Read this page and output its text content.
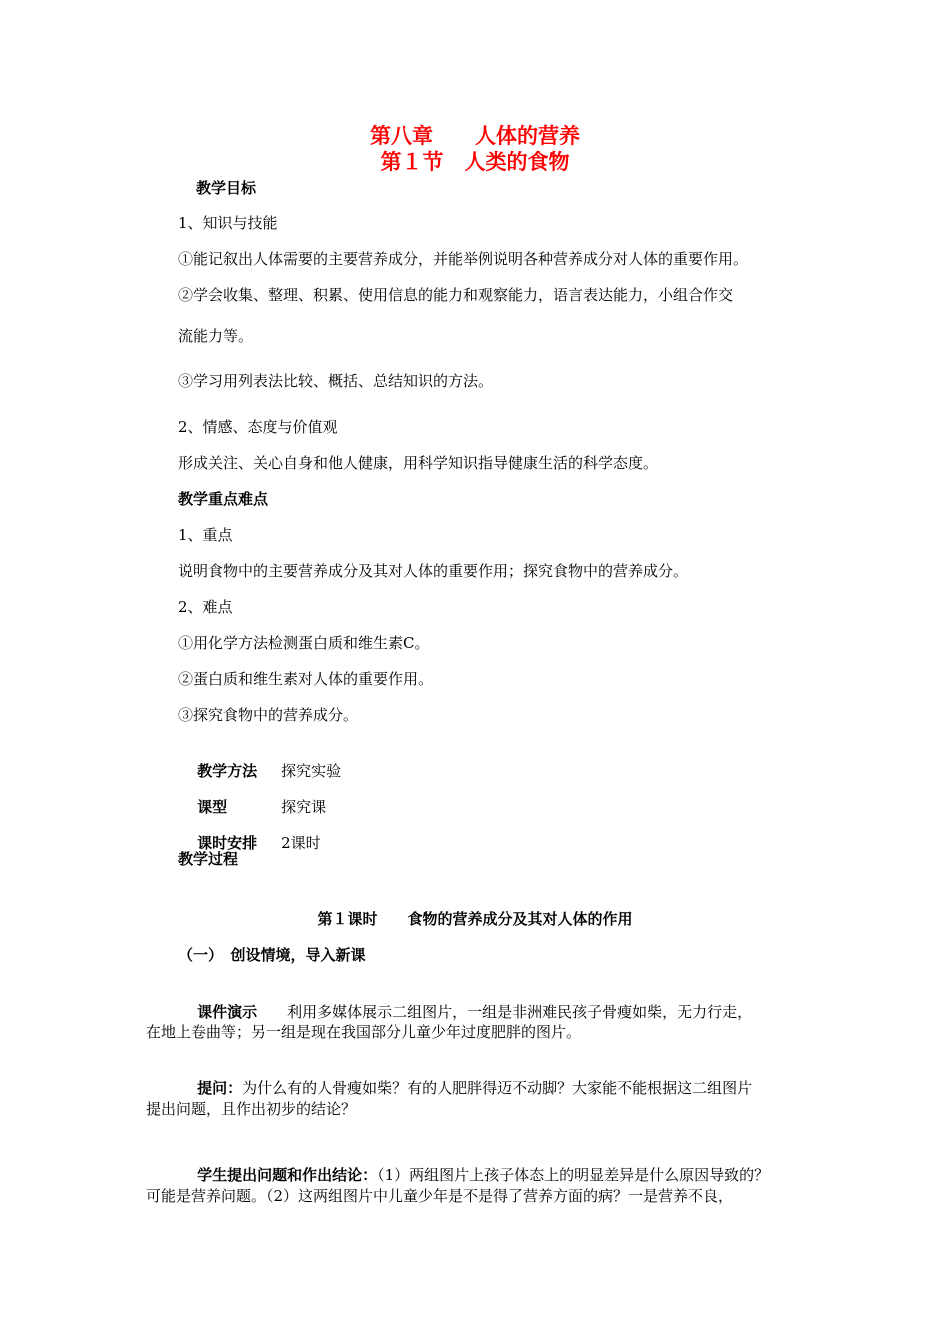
第八章　　人体的营养
第１节　人类的食物
教学目标
1、知识与技能
①能记叙出人体需要的主要营养成分，并能举例说明各种营养成分对人体的重要作用。
②学会收集、整理、积累、使用信息的能力和观察能力，语言表达能力，小组合作交
流能力等。
③学习用列表法比较、概括、总结知识的方法。
2、情感、态度与价值观
形成关注、关心自身和他人健康，用科学知识指导健康生活的科学态度。
教学重点难点
1、重点
说明食物中的主要营养成分及其对人体的重要作用；探究食物中的营养成分。
2、难点
①用化学方法检测蛋白质和维生素C。
②蛋白质和维生素对人体的重要作用。
③探究食物中的营养成分。

教学方法 探究实验

课型	探究课

课时安排 2课时

教学过程
第１课时　　食物的营养成分及其对人体的作用
（一）　创设情境，导入新课

课件演示　　利用多媒体展示二组图片，一组是非洲难民孩子骨瘦如柴，无力行走，

在地上卷曲等；另一组是现在我国部分儿童少年过度肥胖的图片。

提问：为什么有的人骨瘦如柴？有的人肥胖得迈不动脚？大家能不能根据这二组图片

提出问题，且作出初步的结论？

学生提出问题和作出结论：（1）两组图片上孩子体态上的明显差异是什么原因导致的？

可能是营养问题。（2）这两组图片中儿童少年是不是得了营养方面的病？一是营养不良，
